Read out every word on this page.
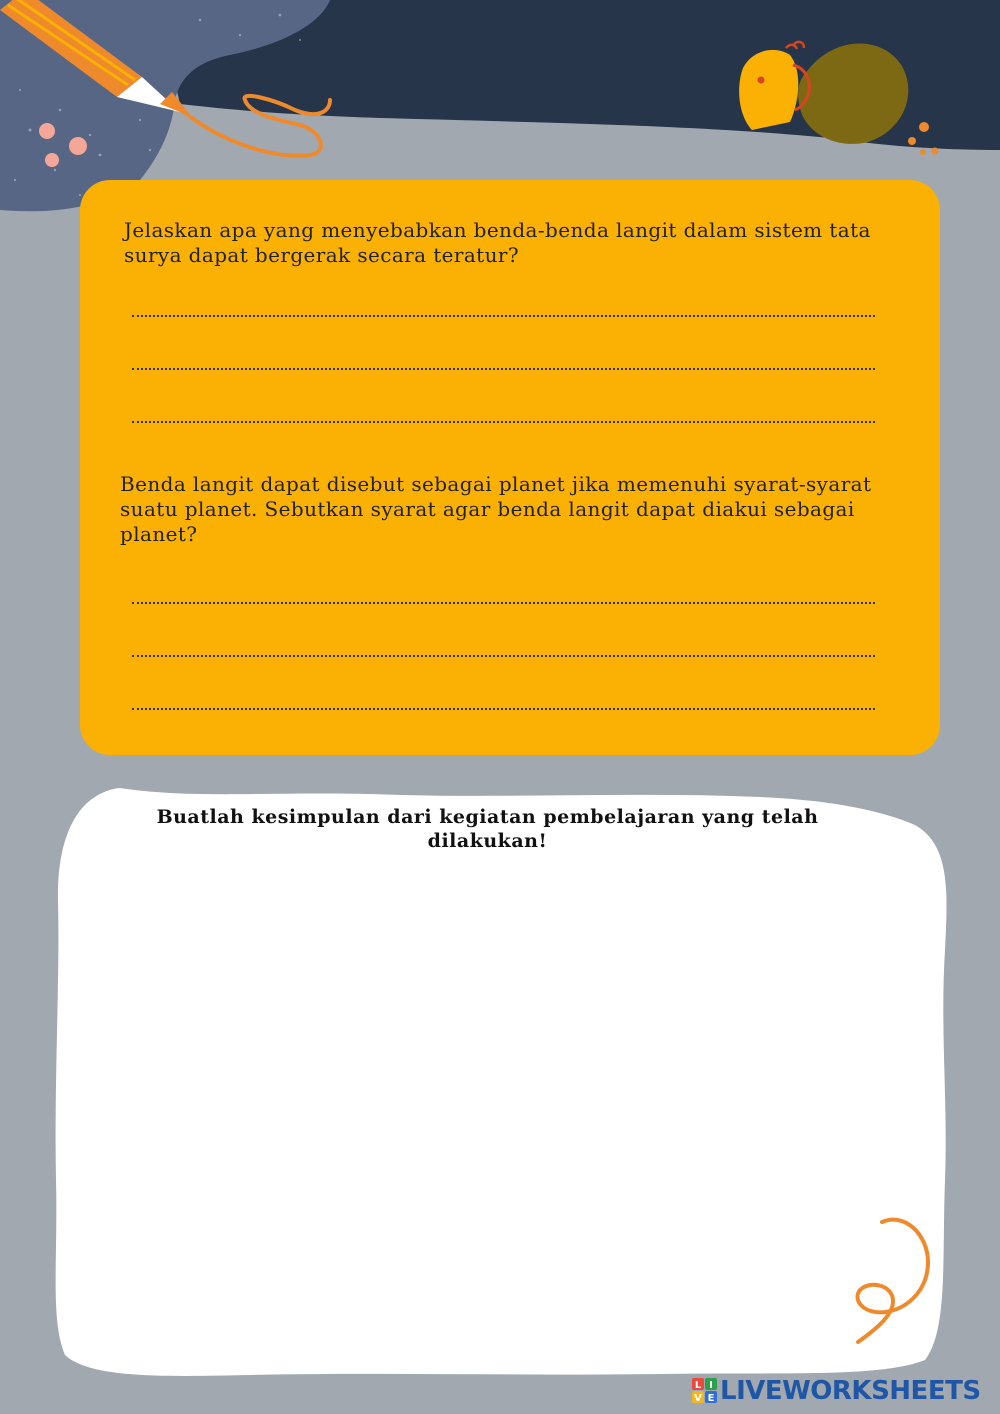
Jelaskan apa yang menyebabkan benda-benda langit dalam sistem tata surya dapat bergerak secara teratur?

Benda langit dapat disebut sebagai planet jika memenuhi syarat-syarat suatu planet. Sebutkan syarat agar benda langit dapat diakui sebagai planet?

Buatlah kesimpulan dari kegiatan pembelajaran yang telah dilakukan!
L I
V E LIVEWORKSHEETS
